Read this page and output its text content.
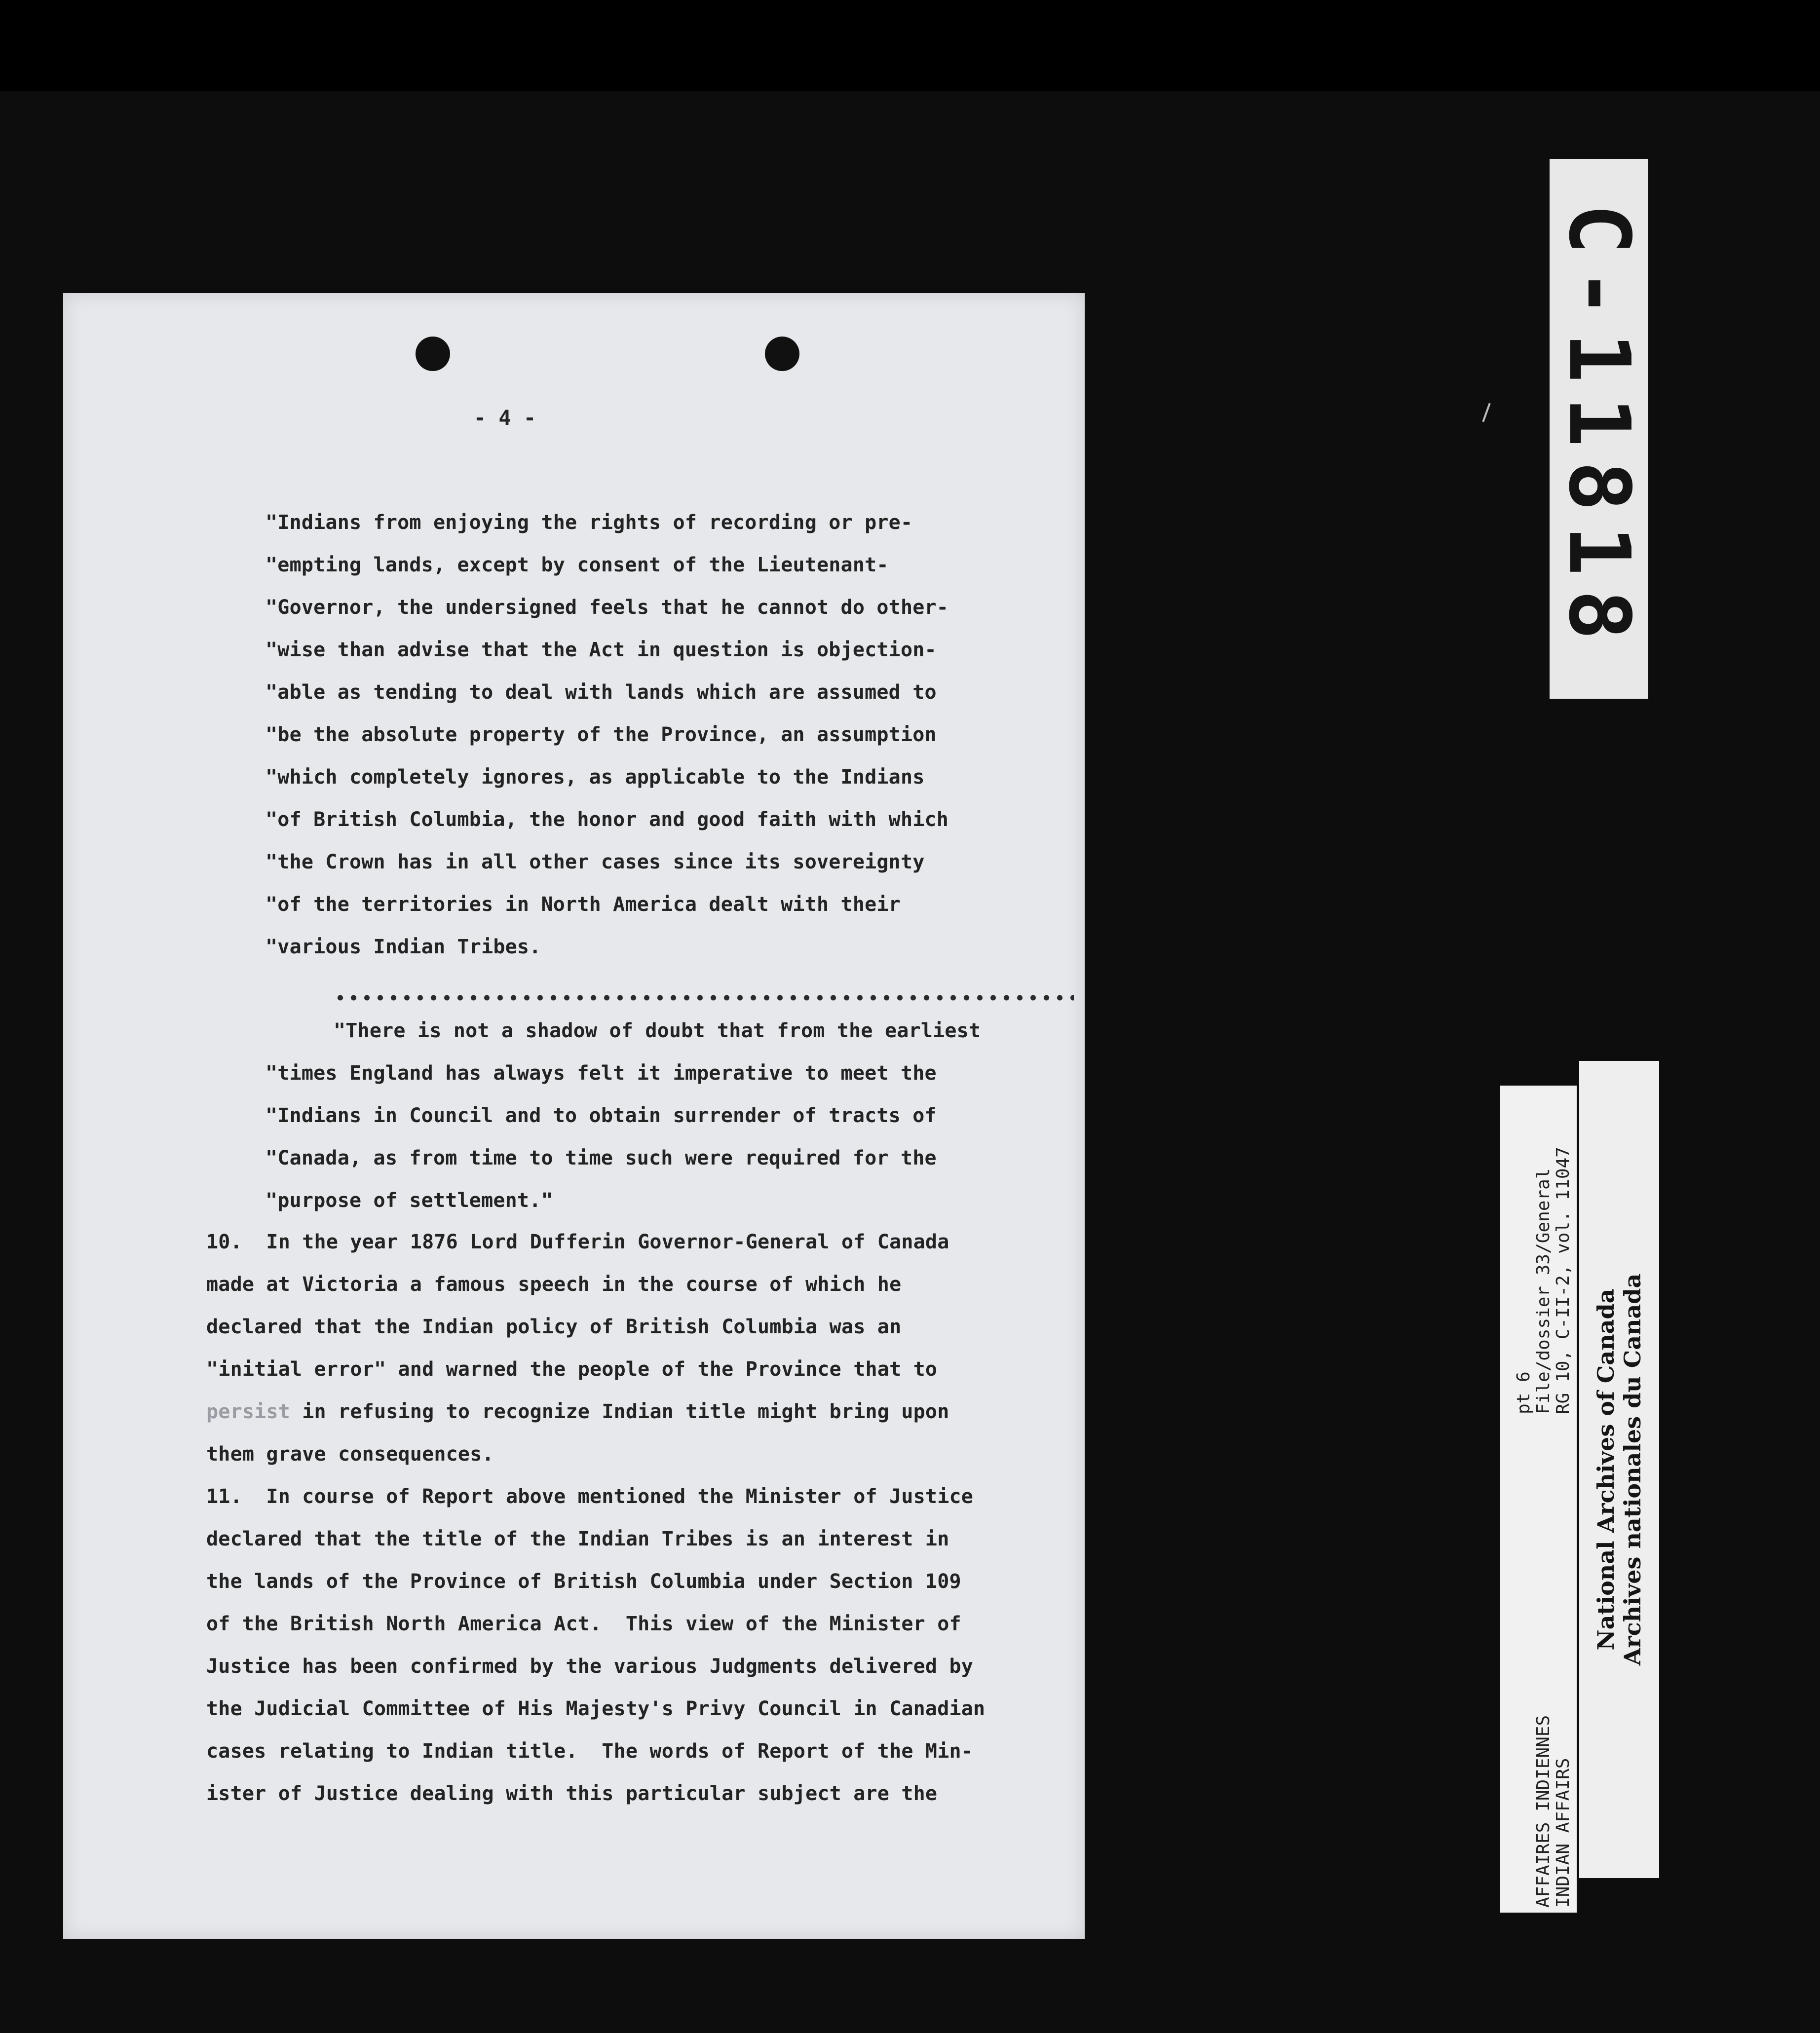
- 4 -
"Indians from enjoying the rights of recording or pre-
"empting lands, except by consent of the Lieutenant-
"Governor, the undersigned feels that he cannot do other-
"wise than advise that the Act in question is objection-
"able as tending to deal with lands which are assumed to
"be the absolute property of the Province, an assumption
"which completely ignores, as applicable to the Indians
"of British Columbia, the honor and good faith with which
"the Crown has in all other cases since its sovereignty
"of the territories in North America dealt with their
"various Indian Tribes.
"There is not a shadow of doubt that from the earliest
"times England has always felt it imperative to meet the
"Indians in Council and to obtain surrender of tracts of
"Canada, as from time to time such were required for the
"purpose of settlement."
10.  In the year 1876 Lord Dufferin Governor-General of Canada
made at Victoria a famous speech in the course of which he
declared that the Indian policy of British Columbia was an
"initial error" and warned the people of the Province that to
persist in refusing to recognize Indian title might bring upon
them grave consequences.
11.  In course of Report above mentioned the Minister of Justice
declared that the title of the Indian Tribes is an interest in
the lands of the Province of British Columbia under Section 109
of the British North America Act.  This view of the Minister of
Justice has been confirmed by the various Judgments delivered by
the Judicial Committee of His Majesty's Privy Council in Canadian
cases relating to Indian title.  The words of Report of the Min-
ister of Justice dealing with this particular subject are the
C-11818
INDIAN AFFAIRS
AFFAIRES INDIENNES
RG 10, C-II-2, vol. 11047
File/dossier 33/General
pt 6	National Archives of Canada Archives nationales du Canada
